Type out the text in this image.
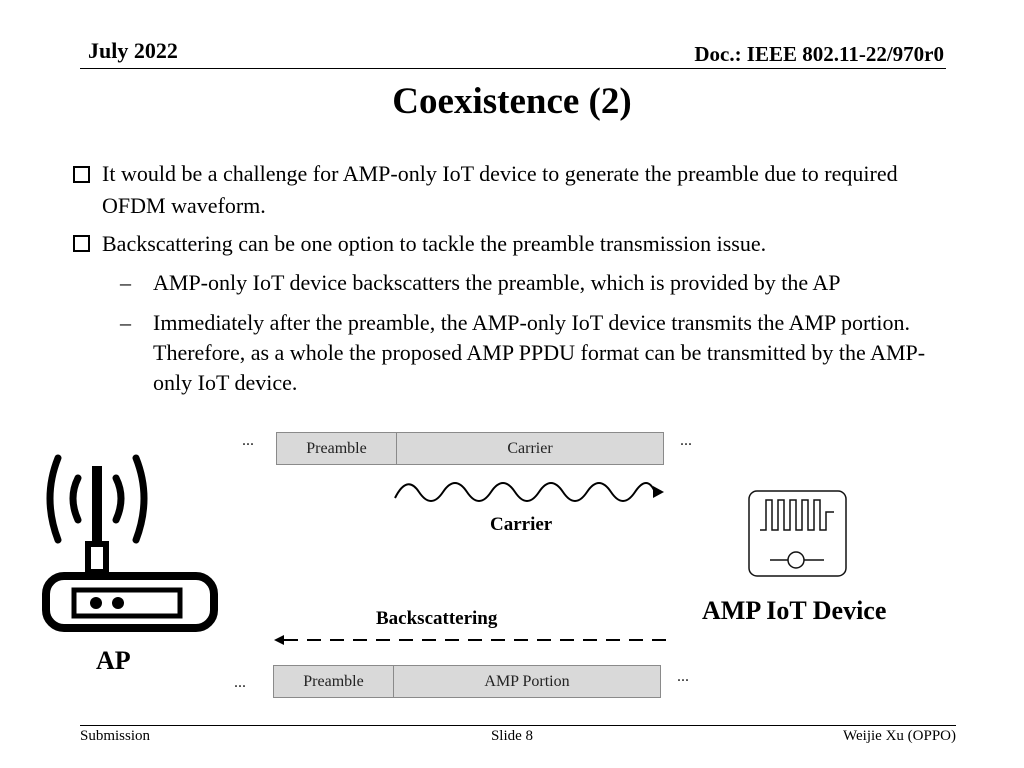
July 2022	Doc.: IEEE 802.11-22/970r0
Coexistence (2)
It would be a challenge for AMP-only IoT device to generate the preamble due to required OFDM waveform.
Backscattering can be one option to tackle the preamble transmission issue.
– AMP-only IoT device backscatters the preamble, which is provided by the AP
– Immediately after the preamble, the AMP-only IoT device transmits the AMP portion. Therefore, as a whole the proposed AMP PPDU format can be transmitted by the AMP-only IoT device.
...	Preamble	Carrier	...
Carrier
AP
AMP IoT Device
Backscattering
...	Preamble	AMP Portion	...
Submission	Slide 8	Weijie Xu (OPPO)
